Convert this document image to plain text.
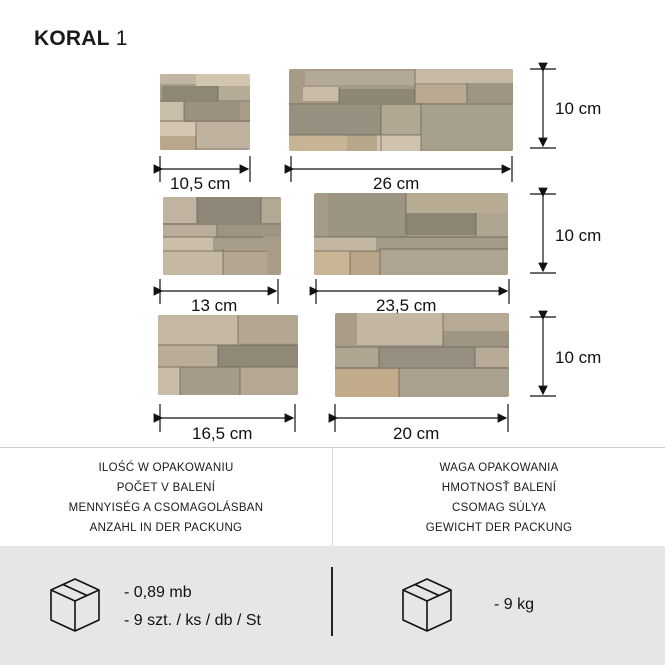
KORAL 1
10,5 cm	26 cm
10 cm
13 cm	23,5 cm
10 cm
16,5 cm	20 cm
10 cm
ILOŚĆ W OPAKOWANIU
POČET V BALENÍ
MENNYISÉG A CSOMAGOLÁSBAN
ANZAHL IN DER PACKUNG
WAGA OPAKOWANIA
HMOTNOSŤ BALENÍ
CSOMAG SÚLYA
GEWICHT DER PACKUNG
- 0,89 mb
- 9 szt. / ks / db / St
- 9 kg
